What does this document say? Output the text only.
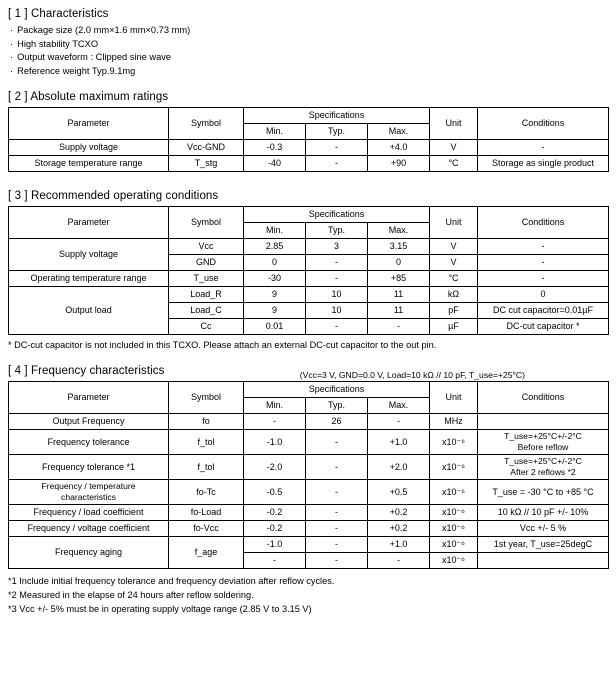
[ 1 ] Characteristics
· Package size (2.0 mm×1.6 mm×0.73 mm)
· High stability TCXO
· Output waveform : Clipped sine wave
· Reference weight Typ.9.1mg
[ 2 ] Absolute maximum ratings
Parameter	Symbol	Specifications			Unit	Conditions
		Min.	Typ.	Max.		
Supply voltage	Vcc-GND	-0.3	-	+4.0	V	-
Storage temperature range	T_stg	-40	-	+90	°C	Storage as single product
[ 3 ] Recommended operating conditions
Parameter	Symbol	Specifications			Unit	Conditions
		Min.	Typ.	Max.		
Supply voltage	Vcc	2.85	3	3.15	V	-
	GND	0	-	0	V	-
Operating temperature range	T_use	-30	-	+85	°C	-
Output load	Load_R	9	10	11	kΩ	0
	Load_C	9	10	11	pF	DC cut capacitor=0.01µF
	Cc	0.01	-	-	µF	DC-cut capacitor *
* DC-cut capacitor is not included in this TCXO. Please attach an external DC-cut capacitor to the out pin.
[ 4 ] Frequency characteristics	(Vcc=3 V, GND=0.0 V, Load=10 kΩ // 10 pF, T_use=+25°C)
Parameter	Symbol	Specifications			Unit	Conditions
		Min.	Typ.	Max.		
Output Frequency	fo	-	26	-	MHz	
Frequency tolerance	f_tol	-1.0	-	+1.0	x10⁻⁶	T_use=+25°C+/-2°C
Before reflow

Frequency tolerance *1	f_tol	-2.0	-	+2.0	x10⁻⁶	T_use=+25°C+/-2°C
After 2 reflows *2

Frequency / temperature
characteristics	fo-Tc	-0.5	-	+0.5	x10⁻⁶	T_use = -30 °C to +85 °C
Frequency / load coefficient	fo-Load	-0.2	-	+0.2	x10⁻⁶	10 kΩ // 10 pF +/- 10%
Frequency / voltage coefficient	fo-Vcc	-0.2	-	+0.2	x10⁻⁶	Vcc +/- 5 %
Frequency aging	f_age	-1.0	-	+1.0	x10⁻⁶	1st year, T_use=25degC
		-	-	-	x10⁻⁶	
*1 Include initial frequency tolerance and frequency deviation after reflow cycles.
*2 Measured in the elapse of 24 hours after reflow soldering.
*3 Vcc +/- 5% must be in operating supply voltage range (2.85 V to 3.15 V)
